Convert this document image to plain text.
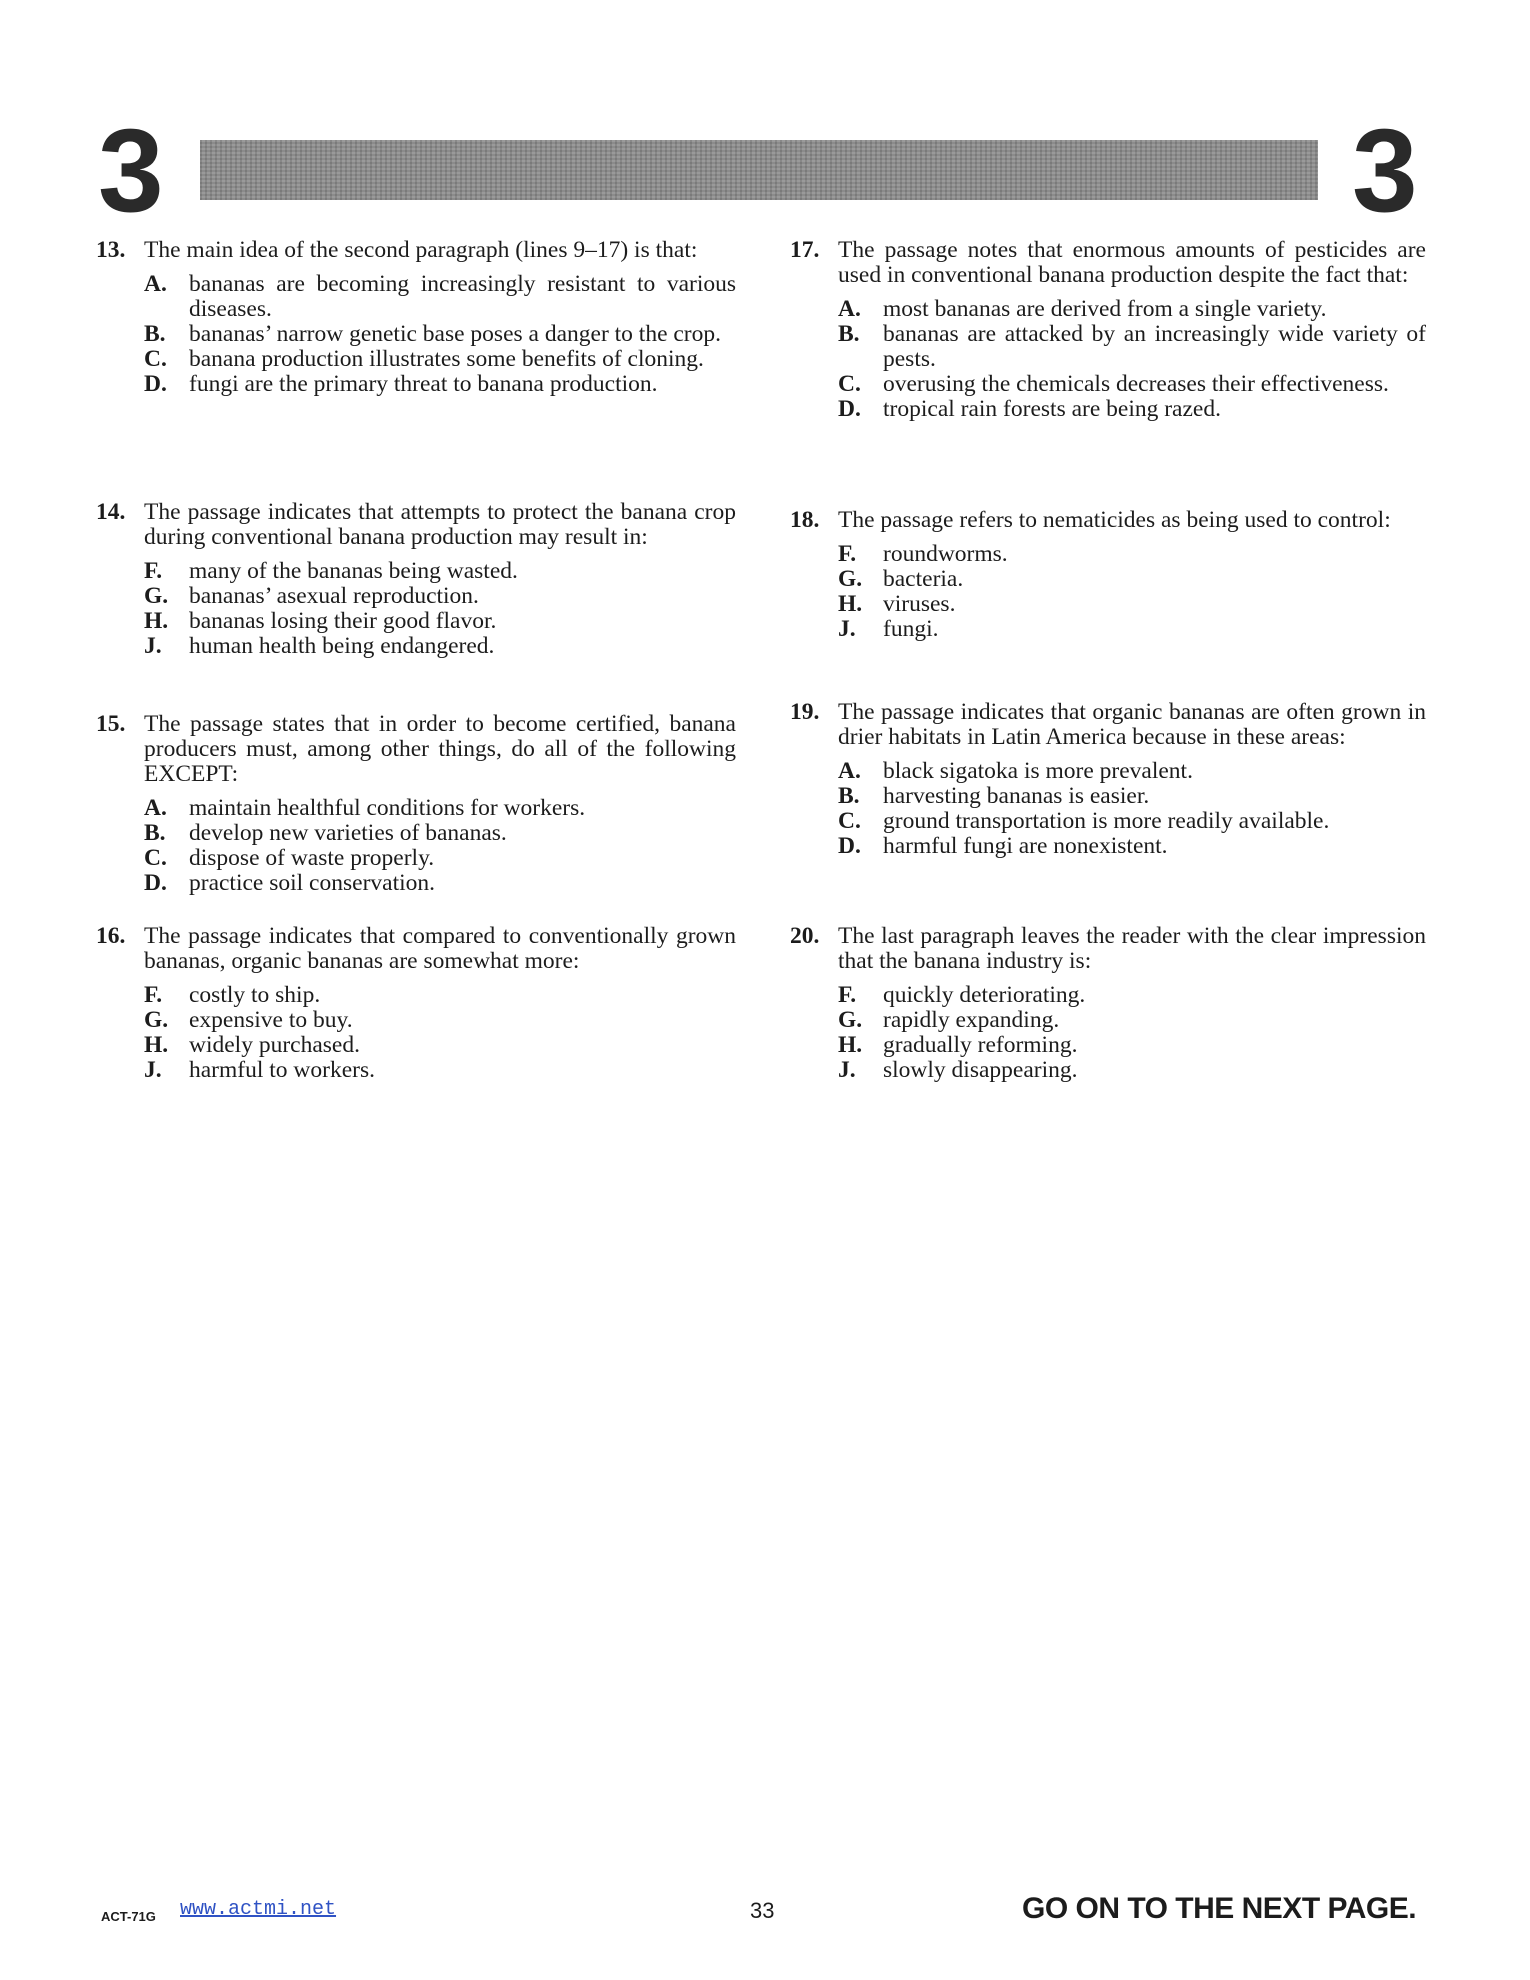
3	3
13. The main idea of the second paragraph (lines 9–17) is that:
A. bananas are becoming increasingly resistant to various diseases.
B. bananas’ narrow genetic base poses a danger to the crop.
C. banana production illustrates some benefits of cloning.
D. fungi are the primary threat to banana production.
14. The passage indicates that attempts to protect the banana crop during conventional banana production may result in:
F. many of the bananas being wasted.
G. bananas’ asexual reproduction.
H. bananas losing their good flavor.
J. human health being endangered.
15. The passage states that in order to become certified, banana producers must, among other things, do all of the following EXCEPT:
A. maintain healthful conditions for workers.
B. develop new varieties of bananas.
C. dispose of waste properly.
D. practice soil conservation.
16. The passage indicates that compared to conventionally grown bananas, organic bananas are somewhat more:
F. costly to ship.
G. expensive to buy.
H. widely purchased.
J. harmful to workers.
17. The passage notes that enormous amounts of pesticides are used in conventional banana production despite the fact that:
A. most bananas are derived from a single variety.
B. bananas are attacked by an increasingly wide variety of pests.
C. overusing the chemicals decreases their effectiveness.
D. tropical rain forests are being razed.
18. The passage refers to nematicides as being used to control:
F. roundworms.
G. bacteria.
H. viruses.
J. fungi.
19. The passage indicates that organic bananas are often grown in drier habitats in Latin America because in these areas:
A. black sigatoka is more prevalent.
B. harvesting bananas is easier.
C. ground transportation is more readily available.
D. harmful fungi are nonexistent.
20. The last paragraph leaves the reader with the clear impression that the banana industry is:
F. quickly deteriorating.
G. rapidly expanding.
H. gradually reforming.
J. slowly disappearing.
ACT-71G www.actmi.net	33	GO ON TO THE NEXT PAGE.
